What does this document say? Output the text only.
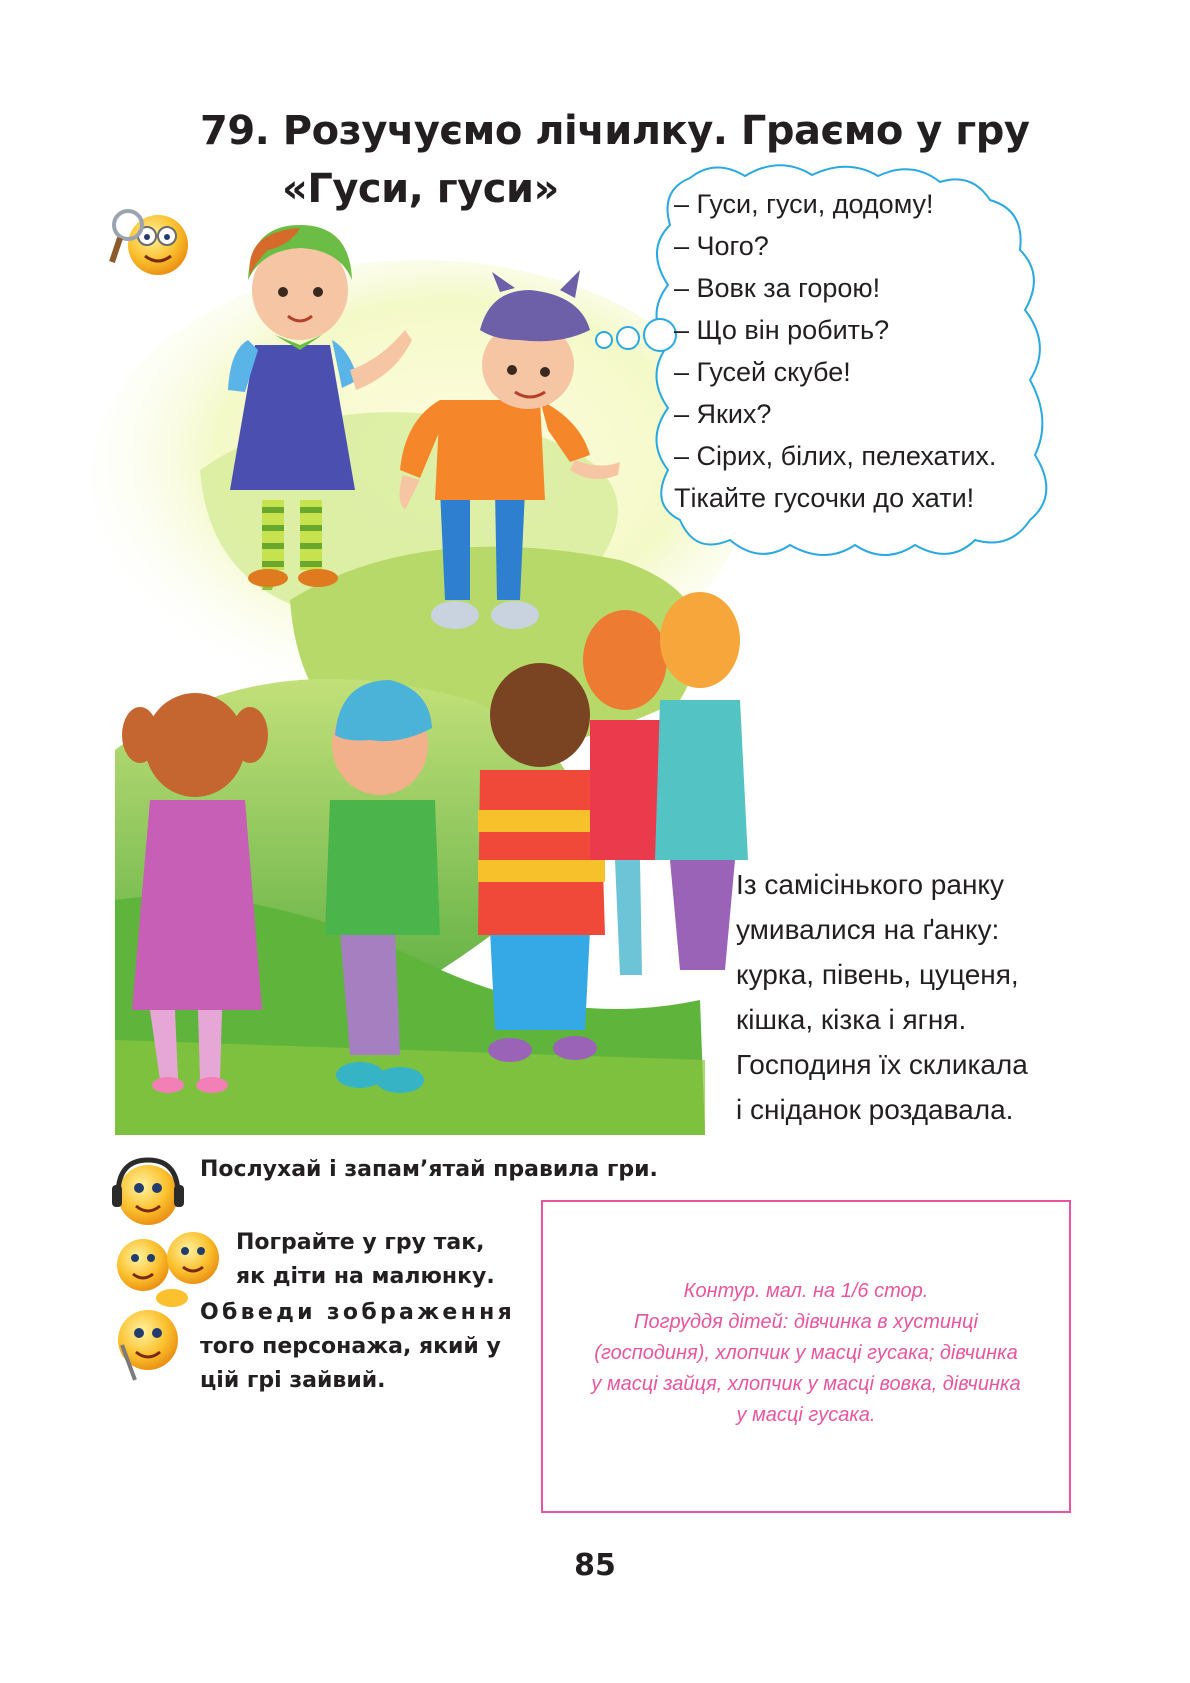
79. Розучуємо лічилку. Граємо у гру
«Гуси, гуси»	– Гуси, гуси, додому!
– Чого?
– Вовк за горою!
– Що він робить?
– Гусей скубе!
– Яких?
– Сірих, білих, пелехатих.
Тікайте гусочки до хати!
Із самісінького ранку
умивалися на ґанку:
курка, півень, цуценя,
кішка, кізка і ягня.
Господиня їх скликала
і сніданок роздавала.
Послухай і запам’ятай правила гри.
Пограйте у гру так,
як діти на малюнку.
Обведи зображення
того персонажа, який у
цій грі зайвий.
Контур. мал. на 1/6 стор.
Погруддя дітей: дівчинка в хустинці
(господиня), хлопчик у масці гусака; дівчинка
у масці зайця, хлопчик у масці вовка, дівчинка
у масці гусака.
85
